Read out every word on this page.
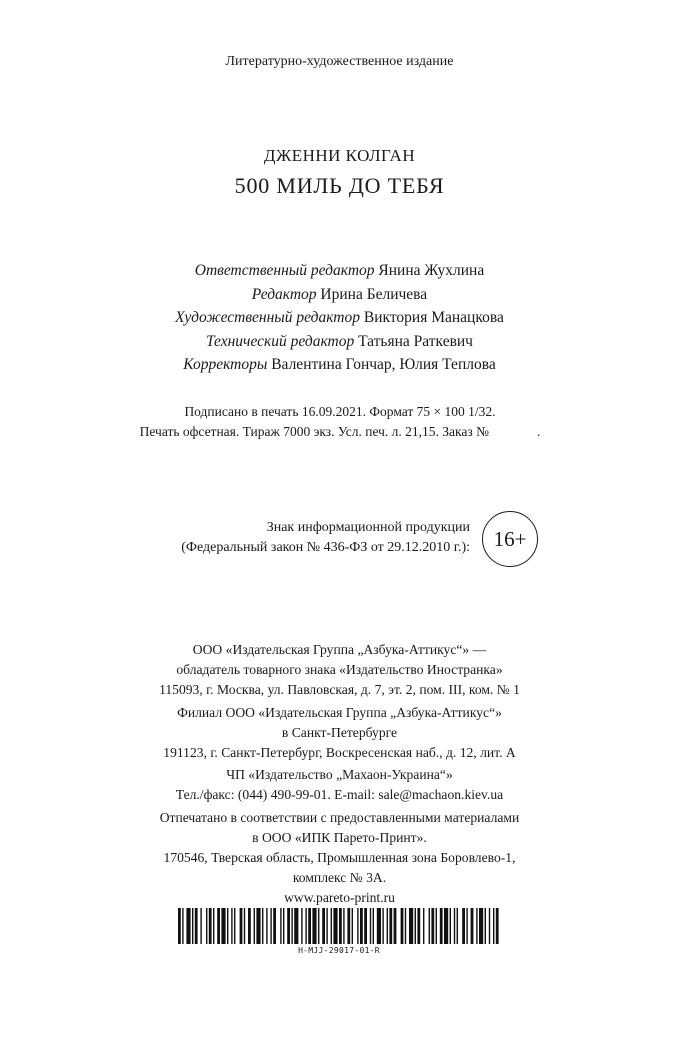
Литературно-художественное издание
ДЖЕННИ КОЛГАН
500 МИЛЬ ДО ТЕБЯ
Ответственный редактор Янина Жухлина
Редактор Ирина Беличева
Художественный редактор Виктория Манацкова
Технический редактор Татьяна Раткевич
Корректоры Валентина Гончар, Юлия Теплова
Подписано в печать 16.09.2021. Формат 75 × 100 1/32.
Печать офсетная. Тираж 7000 экз. Усл. печ. л. 21,15. Заказ №	.
Знак информационной продукции
(Федеральный закон № 436-ФЗ от 29.12.2010 г.):	16+
ООО «Издательская Группа „Азбука-Аттикус“» —
обладатель товарного знака «Издательство Иностранка»
115093, г. Москва, ул. Павловская, д. 7, эт. 2, пом. III, ком. № 1
Филиал ООО «Издательская Группа „Азбука-Аттикус“»
в Санкт-Петербурге
191123, г. Санкт-Петербург, Воскресенская наб., д. 12, лит. А
ЧП «Издательство „Махаон-Украина“»
Тел./факс: (044) 490-99-01. E-mail: sale@machaon.kiev.ua
Отпечатано в соответствии с предоставленными материалами
в ООО «ИПК Парето-Принт».
170546, Тверская область, Промышленная зона Боровлево-1,
комплекс № 3А.
www.pareto-print.ru
H-MJJ-29017-01-R
